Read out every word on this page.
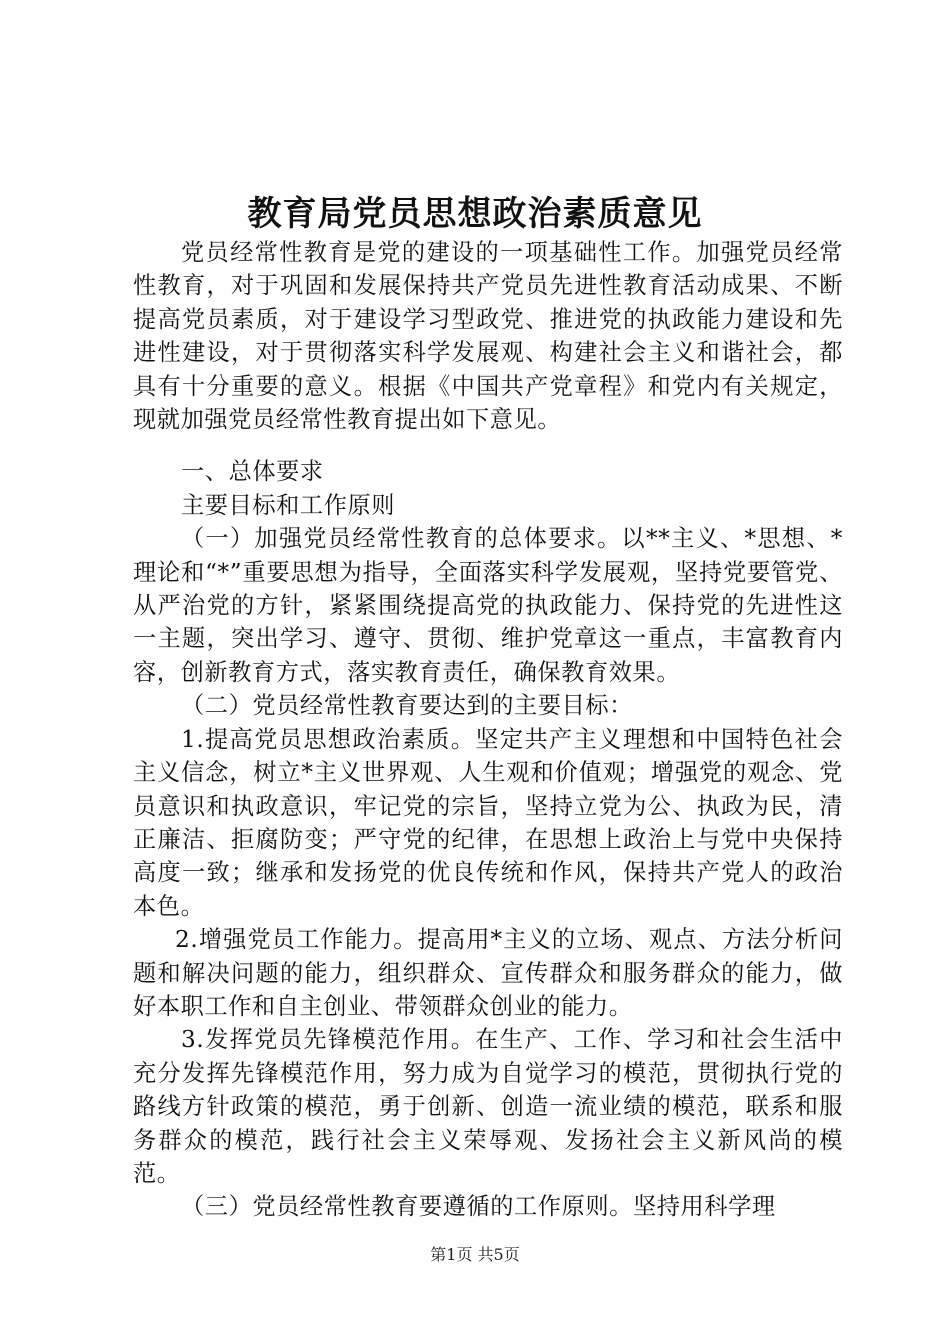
教育局党员思想政治素质意见

党员经常性教育是党的建设的一项基础性工作。加强党员经常性教育，对于巩固和发展保持共产党员先进性教育活动成果、不断提高党员素质，对于建设学习型政党、推进党的执政能力建设和先进性建设，对于贯彻落实科学发展观、构建社会主义和谐社会，都具有十分重要的意义。根据《中国共产党章程》和党内有关规定，现就加强党员经常性教育提出如下意见。

一、总体要求

主要目标和工作原则

（一）加强党员经常性教育的总体要求。以**主义、*思想、*理论和“*”重要思想为指导，全面落实科学发展观，坚持党要管党、从严治党的方针，紧紧围绕提高党的执政能力、保持党的先进性这一主题，突出学习、遵守、贯彻、维护党章这一重点，丰富教育内容，创新教育方式，落实教育责任，确保教育效果。

（二）党员经常性教育要达到的主要目标：

1.提高党员思想政治素质。坚定共产主义理想和中国特色社会主义信念，树立*主义世界观、人生观和价值观；增强党的观念、党员意识和执政意识，牢记党的宗旨，坚持立党为公、执政为民，清正廉洁、拒腐防变；严守党的纪律，在思想上政治上与党中央保持高度一致；继承和发扬党的优良传统和作风，保持共产党人的政治本色。

2.增强党员工作能力。提高用*主义的立场、观点、方法分析问题和解决问题的能力，组织群众、宣传群众和服务群众的能力，做好本职工作和自主创业、带领群众创业的能力。

3.发挥党员先锋模范作用。在生产、工作、学习和社会生活中充分发挥先锋模范作用，努力成为自觉学习的模范，贯彻执行党的路线方针政策的模范，勇于创新、创造一流业绩的模范，联系和服务群众的模范，践行社会主义荣辱观、发扬社会主义新风尚的模范。

（三）党员经常性教育要遵循的工作原则。坚持用科学理

第1页 共5页
